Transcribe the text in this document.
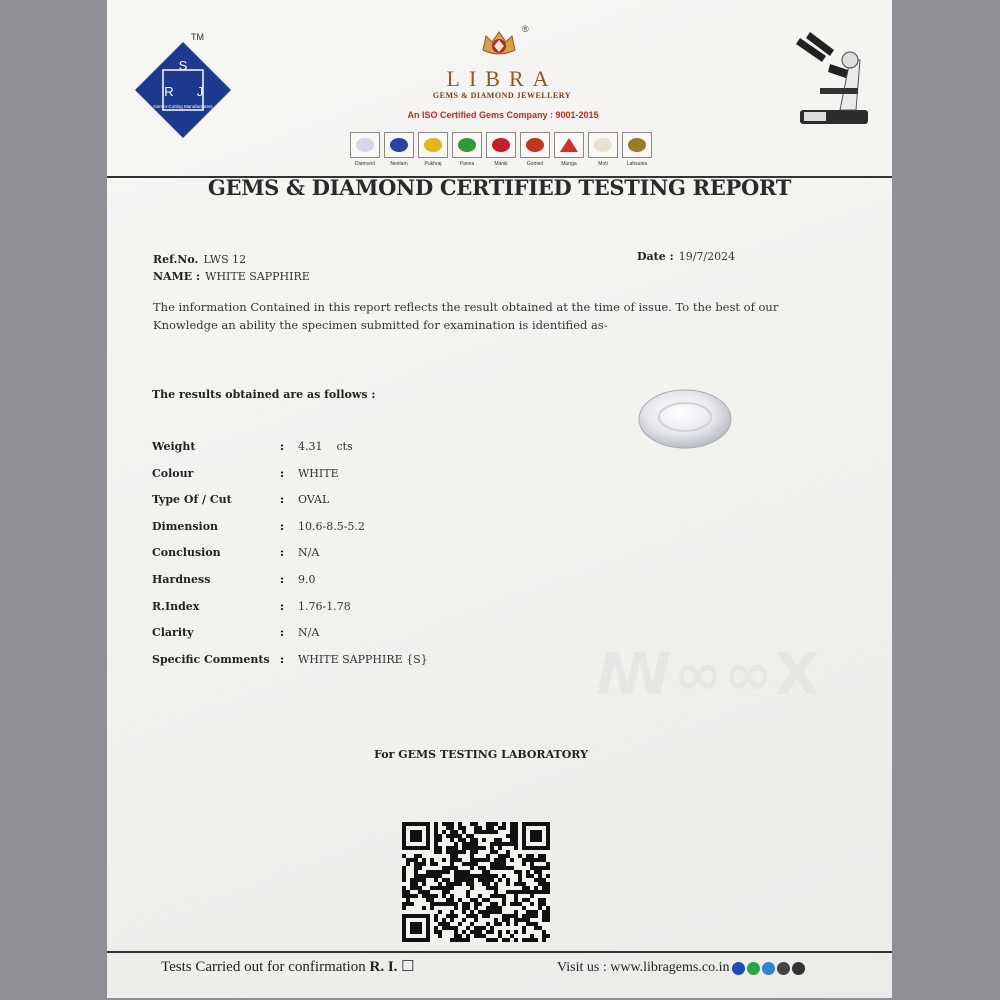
S
R J
Gem-n-Cutting Manufacturers
TM
®
LIBRA
GEMS & DIAMOND JEWELLERY
An ISO Certified Gems Company : 9001-2015
Diamond	Neelam	Pukhraj	Panna	Manik	Gomed	Munga	Moti	Lahsunia
GEMS & DIAMOND CERTIFIED TESTING REPORT
Ref.No. LWS 12
NAME : WHITE SAPPHIRE
Date : 19/7/2024
The information Contained in this report reflects the result obtained at the time of issue. To the best of our
Knowledge an ability the specimen submitted for examination is identified as-
The results obtained are as follows :
Weight	: 4.31    cts
Colour	: WHITE
Type Of / Cut	: OVAL
Dimension	: 10.6-8.5-5.2
Conclusion	: N/A
Hardness	: 9.0
R.Index	: 1.76-1.78
Clarity	: N/A
Specific Comments : WHITE SAPPHIRE {S}
For GEMS TESTING LABORATORY
Tests Carried out for confirmation R. I. ☐	Visit us : www.libragems.co.in
